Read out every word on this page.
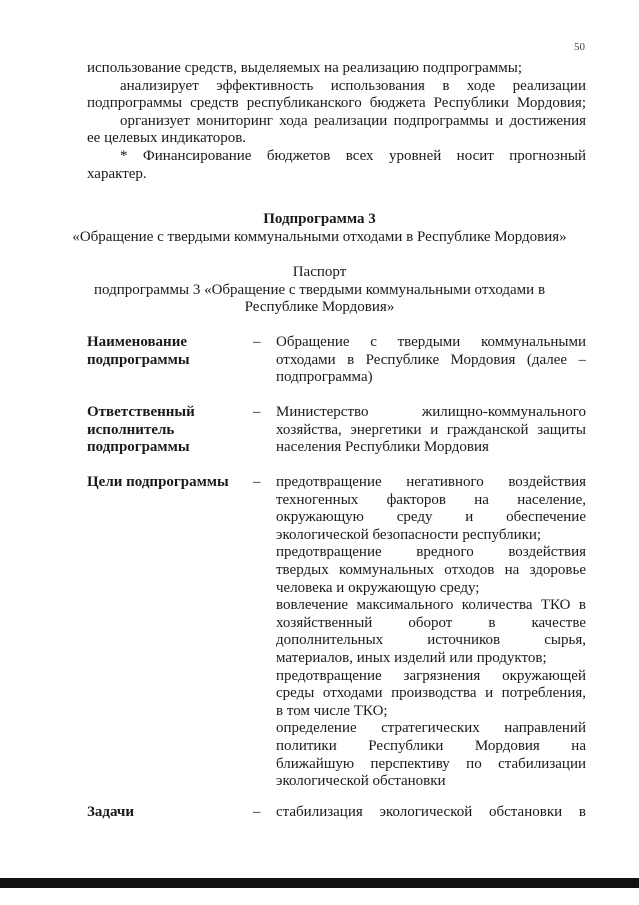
50

использование средств, выделяемых на реализацию подпрограммы;

анализирует эффективность использования в ходе реализации

подпрограммы средств республиканского бюджета Республики Мордовия;

организует мониторинг хода реализации подпрограммы и достижения

ее целевых индикаторов.

* Финансирование бюджетов всех уровней носит прогнозный

характер.

Подпрограмма 3

«Обращение с твердыми коммунальными отходами в Республике Мордовия»

Паспорт

подпрограммы 3 «Обращение с твердыми коммунальными отходами в

Республике Мордовия»

Наименование

подпрограммы

– Обращение с твердыми коммунальными

отходами в Республике Мордовия (далее –

подпрограмма)

Ответственный

исполнитель

подпрограммы

– Министерство жилищно-коммунального

хозяйства, энергетики и гражданской защиты

населения Республики Мордовия

Цели подпрограммы	– предотвращение негативного воздействия

техногенных факторов на население,

окружающую среду и обеспечение

экологической безопасности республики;

предотвращение вредного воздействия

твердых коммунальных отходов на здоровье

человека и окружающую среду;

вовлечение максимального количества ТКО в

хозяйственный оборот в качестве

дополнительных источников сырья,

материалов, иных изделий или продуктов;

предотвращение загрязнения окружающей

среды отходами производства и потребления,

в том числе ТКО;

определение стратегических направлений

политики Республики Мордовия на

ближайшую перспективу по стабилизации

экологической обстановки

Задачи	– стабилизация экологической обстановки в
